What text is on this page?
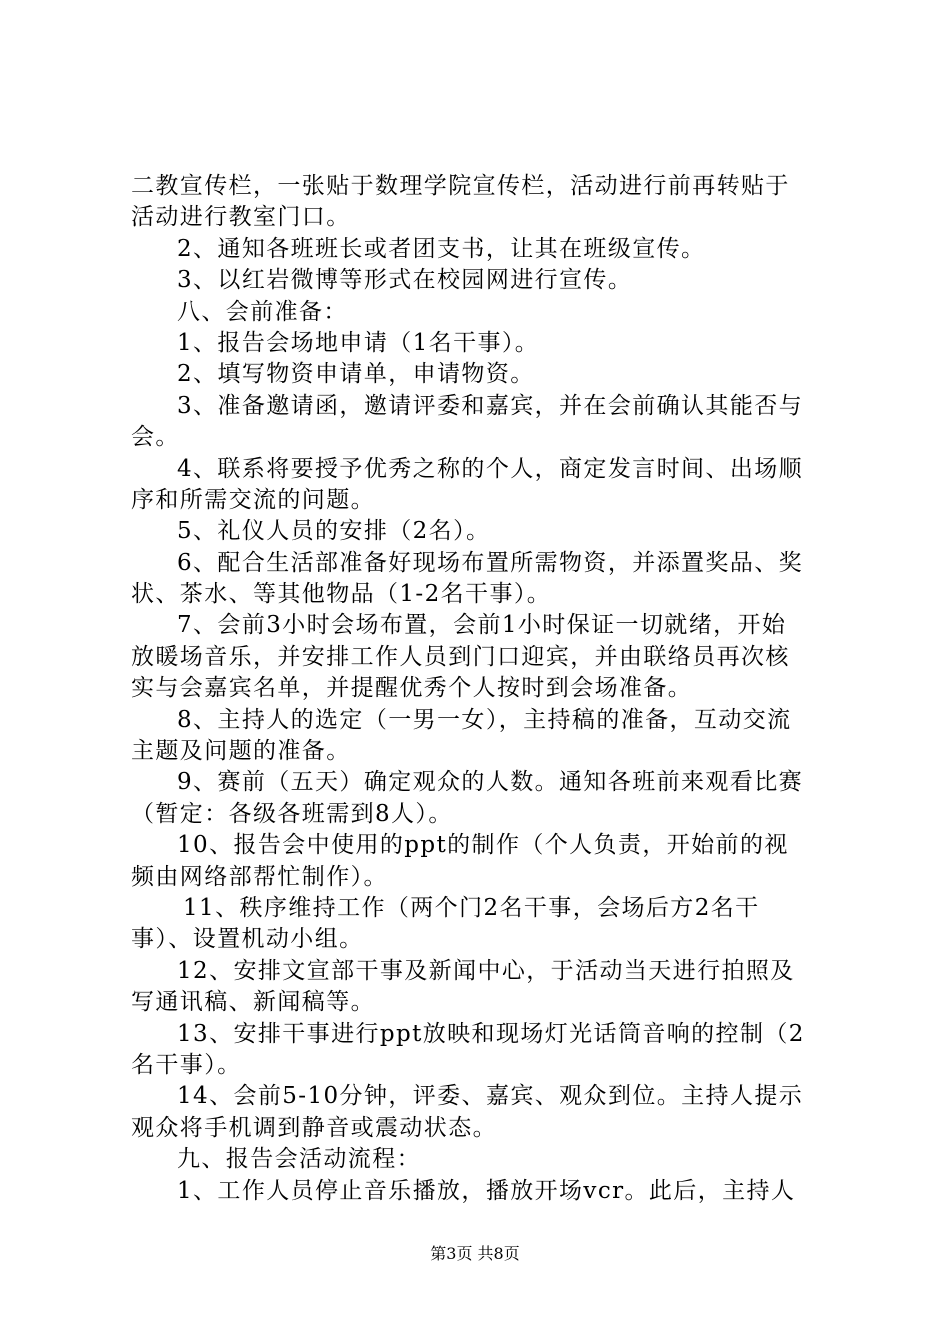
二教宣传栏，一张贴于数理学院宣传栏，活动进行前再转贴于
活动进行教室门口。
2、通知各班班长或者团支书，让其在班级宣传。
3、以红岩微博等形式在校园网进行宣传。
八、会前准备：
1、报告会场地申请（1名干事）。
2、填写物资申请单，申请物资。
3、准备邀请函，邀请评委和嘉宾，并在会前确认其能否与
会。
4、联系将要授予优秀之称的个人，商定发言时间、出场顺
序和所需交流的问题。
5、礼仪人员的安排（2名）。
6、配合生活部准备好现场布置所需物资，并添置奖品、奖
状、茶水、等其他物品（1-2名干事）。
7、会前3小时会场布置，会前1小时保证一切就绪，开始
放暖场音乐，并安排工作人员到门口迎宾，并由联络员再次核
实与会嘉宾名单，并提醒优秀个人按时到会场准备。
8、主持人的选定（一男一女），主持稿的准备，互动交流
主题及问题的准备。
9、赛前（五天）确定观众的人数。通知各班前来观看比赛
（暂定：各级各班需到8人）。
10、报告会中使用的ppt的制作（个人负责，开始前的视
频由网络部帮忙制作）。
11、秩序维持工作（两个门2名干事，会场后方2名干
事）、设置机动小组。
12、安排文宣部干事及新闻中心，于活动当天进行拍照及
写通讯稿、新闻稿等。
13、安排干事进行ppt放映和现场灯光话筒音响的控制（2
名干事）。
14、会前5-10分钟，评委、嘉宾、观众到位。主持人提示
观众将手机调到静音或震动状态。
九、报告会活动流程：
1、工作人员停止音乐播放，播放开场vcr。此后，主持人
第3页 共8页
